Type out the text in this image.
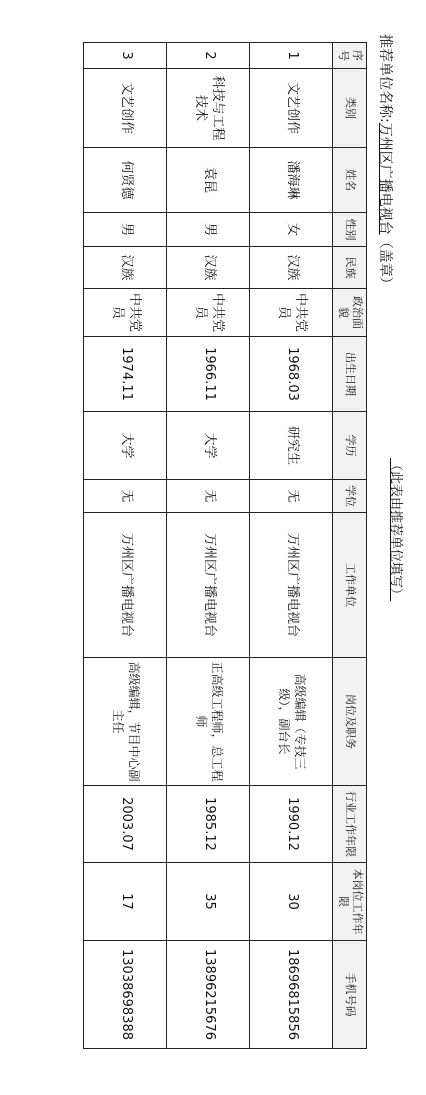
推荐单位名称:万州区广播电视台（盖章）
（此表由推荐单位填写）
序号	类别	姓名	性别	民族	政治面貌	出生日期	学历	学位	工作单位	岗位及职务	行业工作年限	本岗位工作年限	手机号码
1	文艺创作	潘海琳	女	汉族	中共党员	1968.03	研究生	无	万州区广播电视台	高级编辑（专技三级），副台长	1990.12	30	18696815856
2	科技与工程技术	袁昆	男	汉族	中共党员	1966.11	大学	无	万州区广播电视台	正高级工程师，总工程师	1985.12	35	13896215676
3	文艺创作	何贤德	男	汉族	中共党员	1974.11	大学	无	万州区广播电视台	高级编辑，节目中心副主任	2003.07	17	13038698388
